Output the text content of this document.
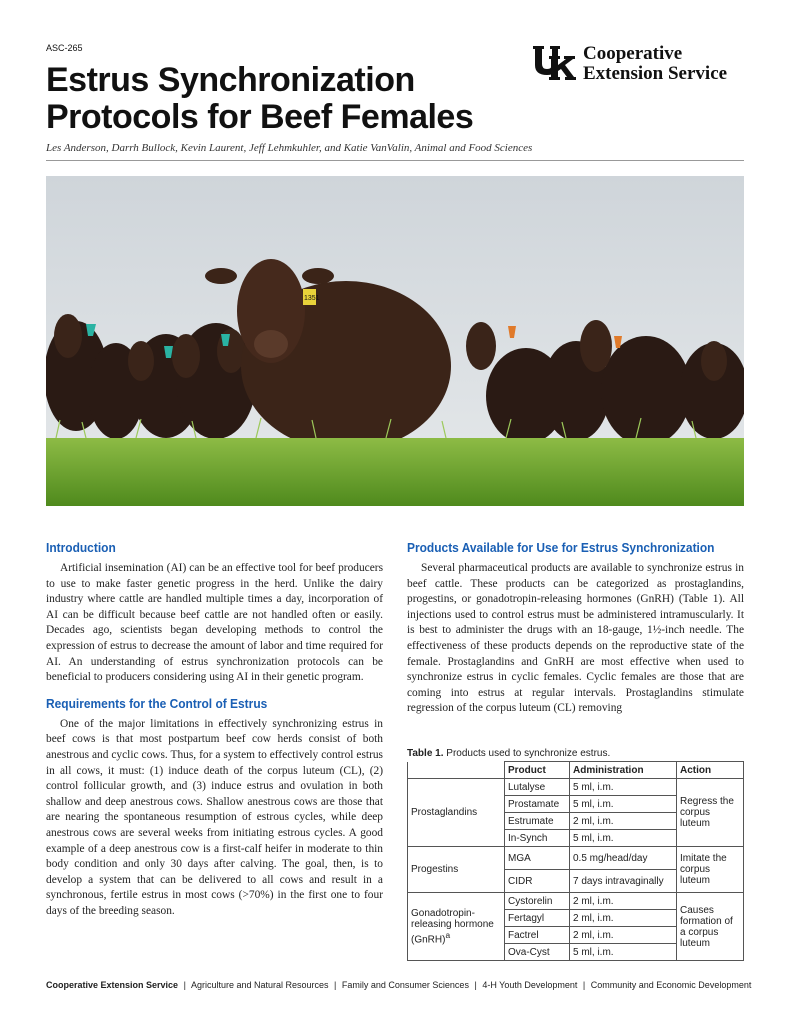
ASC-265
Estrus Synchronization
Protocols for Beef Females
Cooperative
Extension Service
Les Anderson, Darrh Bullock, Kevin Laurent, Jeff Lehmkuhler, and Katie VanValin, Animal and Food Sciences
1351
Introduction

Artificial insemination (AI) can be an effective tool for beef producers to use to make faster genetic progress in the herd. Unlike the dairy industry where cattle are handled multiple times a day, incorporation of AI can be difficult because beef cattle are not handled often or easily. Decades ago, scientists began developing methods to control the expression of estrus to decrease the amount of labor and time required for AI. An understanding of estrus synchronization protocols can be beneficial to producers considering using AI in their genetic program.

Requirements for the Control of Estrus

One of the major limitations in effectively synchronizing estrus in beef cows is that most postpartum beef cow herds consist of both anestrous and cyclic cows. Thus, for a system to effectively control estrus in all cows, it must: (1) induce death of the corpus luteum (CL), (2) control follicular growth, and (3) induce estrus and ovulation in both shallow and deep anestrous cows. Shallow anestrous cows are those that are nearing the spontaneous resumption of estrous cycles, while deep anestrous cows are several weeks from initiating estrous cycles. A good example of a deep anestrous cow is a first-calf heifer in moderate to thin body condition and only 30 days after calving. The goal, then, is to develop a system that can be delivered to all cows and result in a synchronous, fertile estrus in most cows (>70%) in the first one to four days of the breeding season.

Products Available for Use for Estrus Synchronization

Several pharmaceutical products are available to synchronize estrus in beef cattle. These products can be categorized as prostaglandins, progestins, or gonadotropin-releasing hormones (GnRH) (Table 1). All injections used to control estrus must be administered intramuscularly. It is best to administer the drugs with an 18-gauge, 1½-inch needle. The effectiveness of these products depends on the reproductive state of the female. Prostaglandins and GnRH are most effective when used to synchronize estrus in cyclic females. Cyclic females are those that are coming into estrus at regular intervals. Prostaglandins stimulate regression of the corpus luteum (CL) removing

Table 1. Products used to synchronize estrus.
	Product	Administration	Action
Prostaglandins	Lutalyse	5 ml, i.m.	Regress the corpus luteum
	Prostamate	5 ml, i.m.	
	Estrumate	2 ml, i.m.	
	In-Synch	5 ml, i.m.	
Progestins	MGA	0.5 mg/head/day	Imitate the corpus luteum
	CIDR	7 days intravaginally	
Gonadotropin-releasing hormone (GnRH)$^a$	Cystorelin	2 ml, i.m.	Causes formation of a corpus luteum
	Fertagyl	2 ml, i.m.	
	Factrel	2 ml, i.m.	
	Ova-Cyst	5 ml, i.m.	
Cooperative Extension Service | Agriculture and Natural Resources | Family and Consumer Sciences | 4-H Youth Development | Community and Economic Development
